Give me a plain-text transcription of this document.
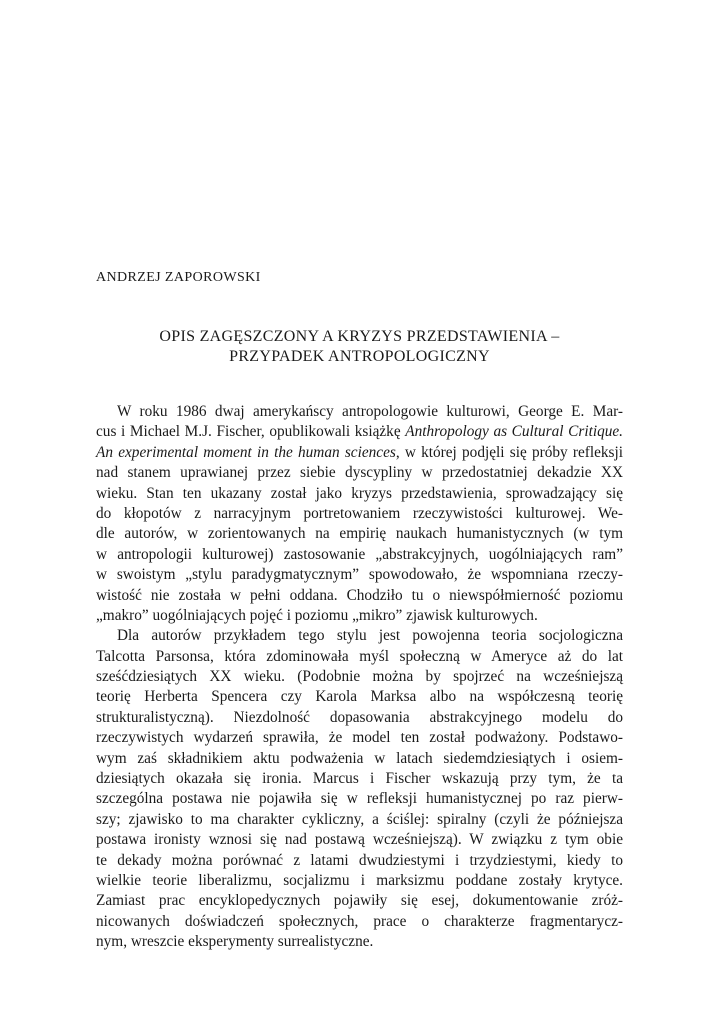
ANDRZEJ ZAPOROWSKI
OPIS ZAGĘSZCZONY A KRYZYS PRZEDSTAWIENIA –
PRZYPADEK ANTROPOLOGICZNY
W roku 1986 dwaj amerykańscy antropologowie kulturowi, George E. Mar-
cus i Michael M.J. Fischer, opublikowali książkę Anthropology as Cultural Critique.
An experimental moment in the human sciences, w której podjęli się próby refleksji
nad stanem uprawianej przez siebie dyscypliny w przedostatniej dekadzie XX
wieku. Stan ten ukazany został jako kryzys przedstawienia, sprowadzający się
do kłopotów z narracyjnym portretowaniem rzeczywistości kulturowej. We-
dle autorów, w zorientowanych na empirię naukach humanistycznych (w tym
w antropologii kulturowej) zastosowanie „abstrakcyjnych, uogólniających ram”
w swoistym „stylu paradygmatycznym” spowodowało, że wspomniana rzeczy-
wistość nie została w pełni oddana. Chodziło tu o niewspółmierność poziomu
„makro” uogólniających pojęć i poziomu „mikro” zjawisk kulturowych.
Dla autorów przykładem tego stylu jest powojenna teoria socjologiczna
Talcotta Parsonsa, która zdominowała myśl społeczną w Ameryce aż do lat
sześćdziesiątych XX wieku. (Podobnie można by spojrzeć na wcześniejszą
teorię Herberta Spencera czy Karola Marksa albo na współczesną teorię
strukturalistyczną). Niezdolność dopasowania abstrakcyjnego modelu do
rzeczywistych wydarzeń sprawiła, że model ten został podważony. Podstawo-
wym zaś składnikiem aktu podważenia w latach siedemdziesiątych i osiem-
dziesiątych okazała się ironia. Marcus i Fischer wskazują przy tym, że ta
szczególna postawa nie pojawiła się w refleksji humanistycznej po raz pierw-
szy; zjawisko to ma charakter cykliczny, a ściślej: spiralny (czyli że późniejsza
postawa ironisty wznosi się nad postawą wcześniejszą). W związku z tym obie
te dekady można porównać z latami dwudziestymi i trzydziestymi, kiedy to
wielkie teorie liberalizmu, socjalizmu i marksizmu poddane zostały krytyce.
Zamiast prac encyklopedycznych pojawiły się esej, dokumentowanie zróż-
nicowanych doświadczeń społecznych, prace o charakterze fragmentarycz-
nym, wreszcie eksperymenty surrealistyczne.
